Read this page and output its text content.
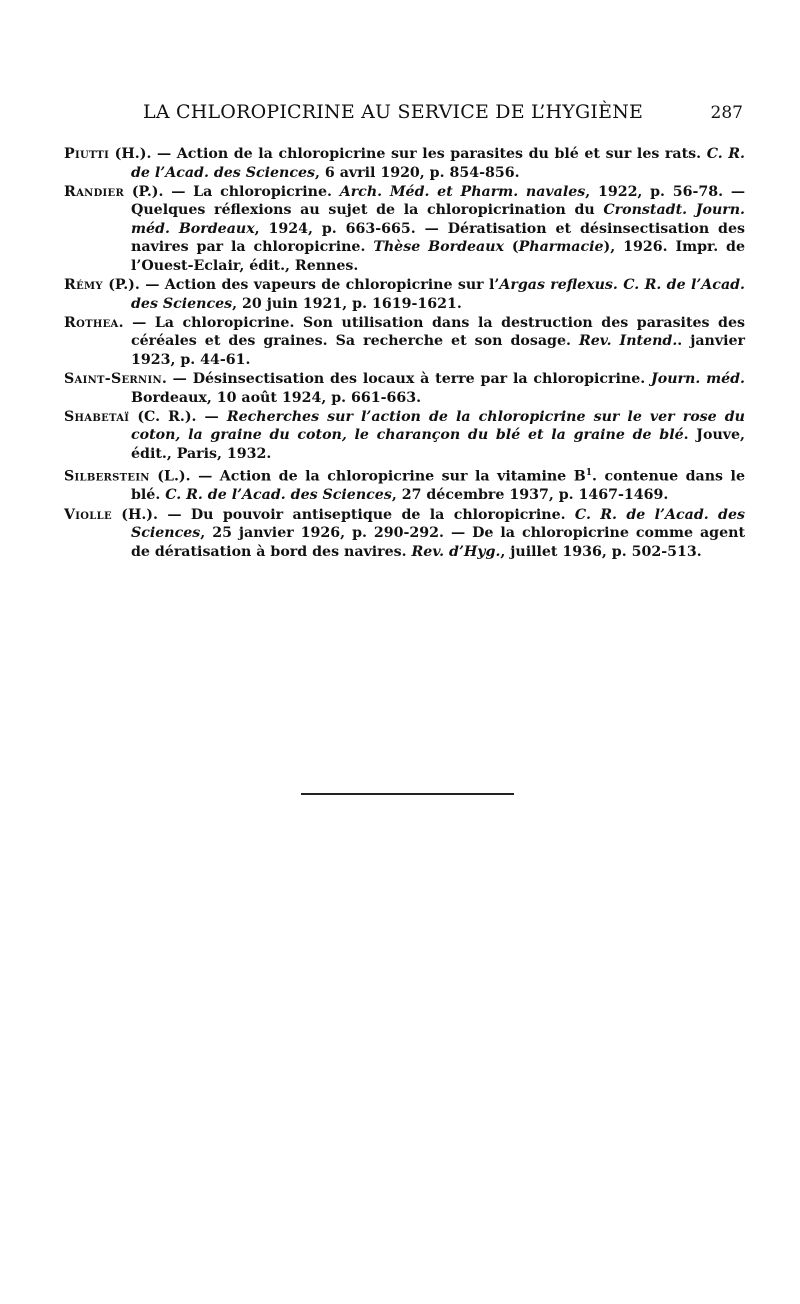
LA CHLOROPICRINE AU SERVICE DE L’HYGIÈNE	287

Piutti (H.). — Action de la chloropicrine sur les parasites du blé et sur les rats. C. R. de l’Acad. des Sciences, 6 avril 1920, p. 854-856.

Randier (P.). — La chloropicrine. Arch. Méd. et Pharm. navales, 1922, p. 56-78. — Quelques réflexions au sujet de la chloropicrination du Cronstadt. Journ. méd. Bordeaux, 1924, p. 663-665. — Dératisation et désinsectisation des navires par la chloropicrine. Thèse Bordeaux (Pharmacie), 1926. Impr. de l’Ouest-Eclair, édit., Rennes.

Rémy (P.). — Action des vapeurs de chloropicrine sur l’Argas reflexus. C. R. de l’Acad. des Sciences, 20 juin 1921, p. 1619-1621.

Rothea. — La chloropicrine. Son utilisation dans la destruction des parasites des céréales et des graines. Sa recherche et son dosage. Rev. Intend.. janvier 1923, p. 44-61.

Saint-Sernin. — Désinsectisation des locaux à terre par la chloropicrine. Journ. méd. Bordeaux, 10 août 1924, p. 661-663.

Shabetaï (C. R.). — Recherches sur l’action de la chloropicrine sur le ver rose du coton, la graine du coton, le charançon du blé et la graine de blé. Jouve, édit., Paris, 1932.

Silberstein (L.). — Action de la chloropicrine sur la vitamine $B^1$. contenue dans le blé. C. R. de l’Acad. des Sciences, 27 décembre 1937, p. 1467-1469.

Violle (H.). — Du pouvoir antiseptique de la chloropicrine. C. R. de l’Acad. des Sciences, 25 janvier 1926, p. 290-292. — De la chloropicrine comme agent de dératisation à bord des navires. Rev. d’Hyg., juillet 1936, p. 502-513.
